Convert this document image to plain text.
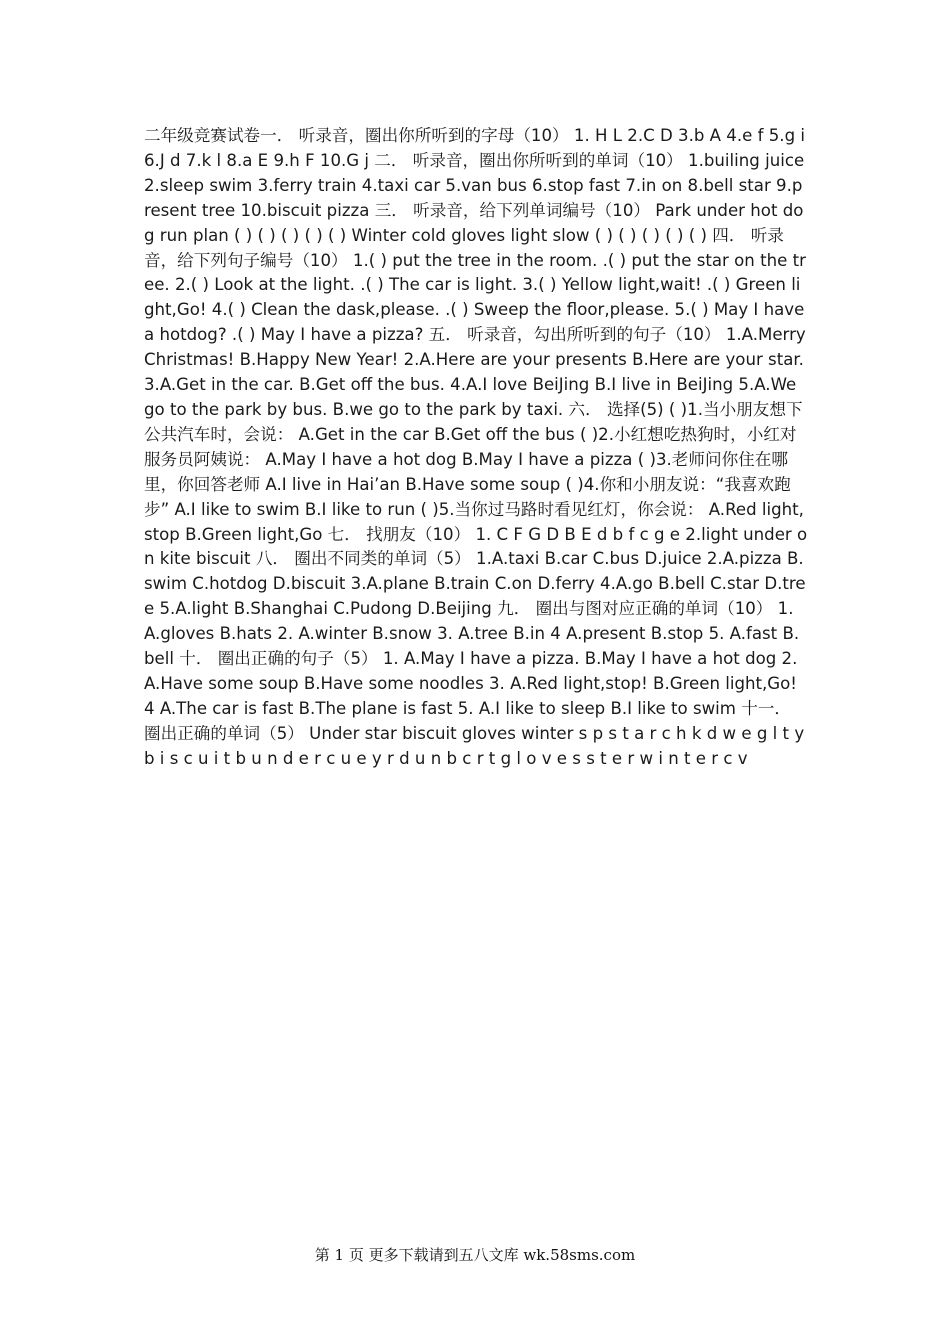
二年级竞赛试卷一． 听录音，圈出你所听到的字母（10） 1. H L 2.C D 3.b A 4.e f 5.g i 6.J d 7.k l 8.a E 9.h F 10.G j 二． 听录音，圈出你所听到的单词（10） 1.builing juice 2.sleep swim 3.ferry train 4.taxi car 5.van bus 6.stop fast 7.in on 8.bell star 9.present tree 10.biscuit pizza 三． 听录音，给下列单词编号（10） Park under hot dog run plan ( ) ( ) ( ) ( ) ( ) Winter cold gloves light slow ( ) ( ) ( ) ( ) ( ) 四． 听录音，给下列句子编号（10） 1.( ) put the tree in the room. .( ) put the star on the tree. 2.( ) Look at the light. .( ) The car is light. 3.( ) Yellow light,wait! .( ) Green light,Go! 4.( ) Clean the dask,please. .( ) Sweep the floor,please. 5.( ) May I have a hotdog? .( ) May I have a pizza? 五． 听录音，勾出所听到的句子（10） 1.A.Merry Christmas! B.Happy New Year! 2.A.Here are your presents B.Here are your star. 3.A.Get in the car. B.Get off the bus. 4.A.I love BeiJing B.I live in BeiJing 5.A.We go to the park by bus. B.we go to the park by taxi. 六． 选择(5) ( )1.当小朋友想下公共汽车时，会说： A.Get in the car B.Get off the bus ( )2.小红想吃热狗时，小红对服务员阿姨说： A.May I have a hot dog B.May I have a pizza ( )3.老师问你住在哪里，你回答老师 A.I live in Hai’an B.Have some soup ( )4.你和小朋友说：“我喜欢跑步” A.I like to swim B.I like to run ( )5.当你过马路时看见红灯，你会说： A.Red light,stop B.Green light,Go 七． 找朋友（10） 1. C F G D B E d b f c g e 2.light under on kite biscuit 八． 圈出不同类的单词（5） 1.A.taxi B.car C.bus D.juice 2.A.pizza B.swim C.hotdog D.biscuit 3.A.plane B.train C.on D.ferry 4.A.go B.bell C.star D.tree 5.A.light B.Shanghai C.Pudong D.Beijing 九． 圈出与图对应正确的单词（10） 1. A.gloves B.hats 2. A.winter B.snow 3. A.tree B.in 4 A.present B.stop 5. A.fast B.bell 十． 圈出正确的句子（5） 1. A.May I have a pizza. B.May I have a hot dog 2. A.Have some soup B.Have some noodles 3. A.Red light,stop! B.Green light,Go! 4 A.The car is fast B.The plane is fast 5. A.I like to sleep B.I like to swim 十一． 圈出正确的单词（5） Under star biscuit gloves winter s p s t a r c h k d w e g l t y b i s c u i t b u n d e r c u e y r d u n b c r t g l o v e s s t e r w i n t e r c v
第 1 页 更多下载请到五八文库 wk.58sms.com
